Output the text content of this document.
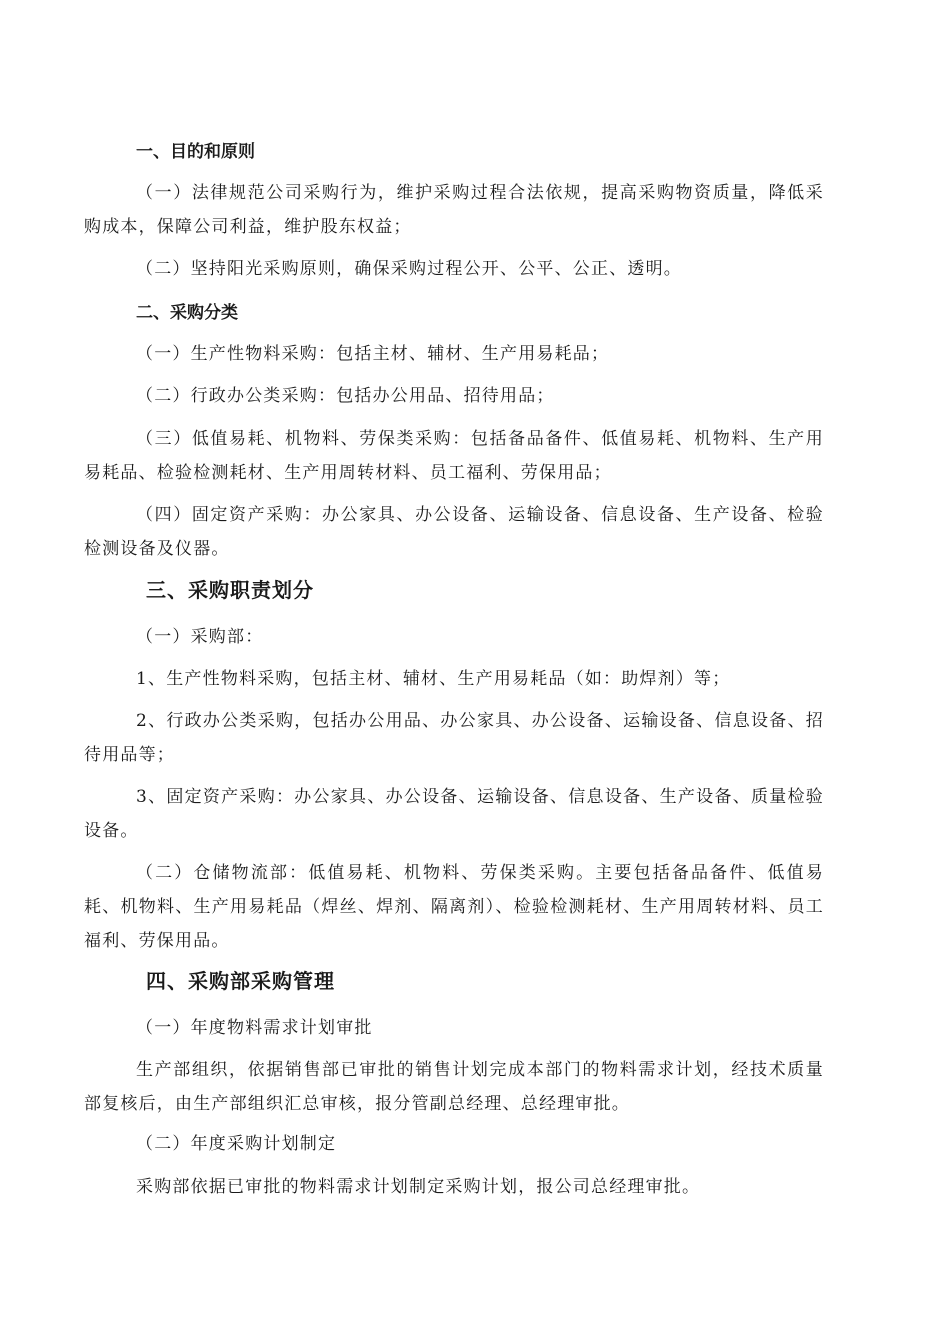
一、目的和原则

（一）法律规范公司采购行为，维护采购过程合法依规，提高采购物资质量，降低采购成本，保障公司利益，维护股东权益；

（二）坚持阳光采购原则，确保采购过程公开、公平、公正、透明。

二、采购分类

（一）生产性物料采购：包括主材、辅材、生产用易耗品；

（二）行政办公类采购：包括办公用品、招待用品；

（三）低值易耗、机物料、劳保类采购：包括备品备件、低值易耗、机物料、生产用易耗品、检验检测耗材、生产用周转材料、员工福利、劳保用品；

（四）固定资产采购：办公家具、办公设备、运输设备、信息设备、生产设备、检验检测设备及仪器。

三、采购职责划分

（一）采购部：

1、生产性物料采购，包括主材、辅材、生产用易耗品（如：助焊剂）等；

2、行政办公类采购，包括办公用品、办公家具、办公设备、运输设备、信息设备、招待用品等；

3、固定资产采购：办公家具、办公设备、运输设备、信息设备、生产设备、质量检验设备。

（二）仓储物流部：低值易耗、机物料、劳保类采购。主要包括备品备件、低值易耗、机物料、生产用易耗品（焊丝、焊剂、隔离剂）、检验检测耗材、生产用周转材料、员工福利、劳保用品。

四、采购部采购管理

（一）年度物料需求计划审批

生产部组织，依据销售部已审批的销售计划完成本部门的物料需求计划，经技术质量部复核后，由生产部组织汇总审核，报分管副总经理、总经理审批。

（二）年度采购计划制定

采购部依据已审批的物料需求计划制定采购计划，报公司总经理审批。
